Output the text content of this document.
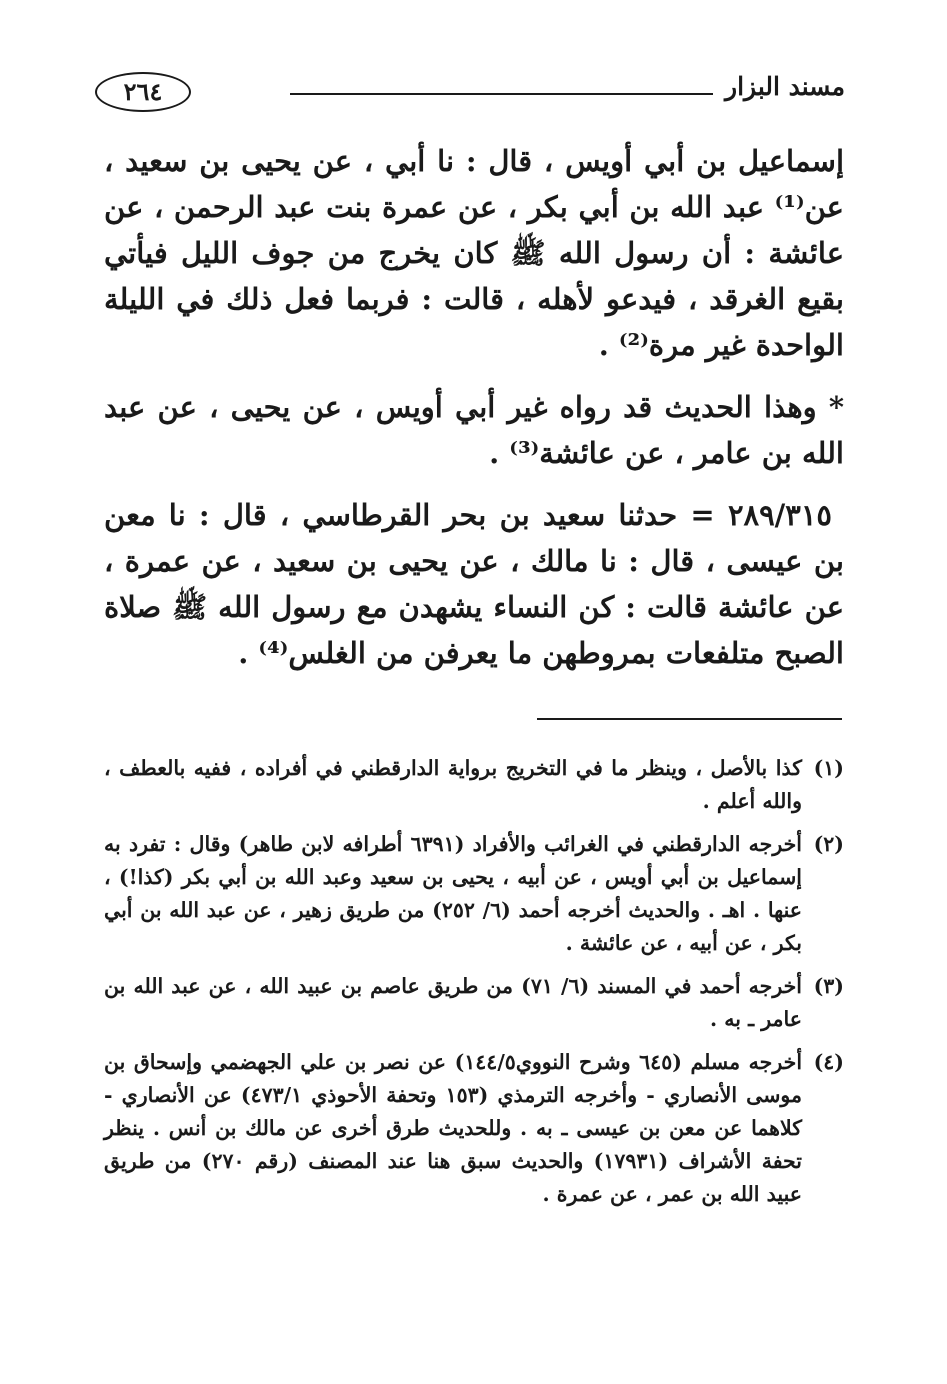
مسند البزار
٢٦٤

إسماعيل بن أبي أويس ، قال : نا أبي ، عن يحيى بن سعيد ، عن⁽¹⁾ عبد الله بن أبي بكر ، عن عمرة بنت عبد الرحمن ، عن عائشة : أن رسول الله ﷺ كان يخرج من جوف الليل فيأتي بقيع الغرقد ، فيدعو لأهله ، قالت : فربما فعل ذلك في الليلة الواحدة غير مرة⁽²⁾ .

* وهذا الحديث قد رواه غير أبي أويس ، عن يحيى ، عن عبد الله بن عامر ، عن عائشة⁽³⁾ .

٢٨٩/٣١٥ = حدثنا سعيد بن بحر القرطاسي ، قال : نا معن بن عيسى ، قال : نا مالك ، عن يحيى بن سعيد ، عن عمرة ، عن عائشة قالت : كن النساء يشهدن مع رسول الله ﷺ صلاة الصبح متلفعات بمروطهن ما يعرفن من الغلس⁽⁴⁾ .

(١)
كذا بالأصل ، وينظر ما في التخريج برواية الدارقطني في أفراده ، ففيه بالعطف ، والله أعلم .
(٢)
أخرجه الدارقطني في الغرائب والأفراد (٦٣٩١ أطرافه لابن طاهر) وقال : تفرد به إسماعيل بن أبي أويس ، عن أبيه ، يحيى بن سعيد وعبد الله بن أبي بكر (كذا!) ، عنها . اهـ . والحديث أخرجه أحمد (٦/ ٢٥٢) من طريق زهير ، عن عبد الله بن أبي بكر ، عن أبيه ، عن عائشة .
(٣)
أخرجه أحمد في المسند (٦/ ٧١) من طريق عاصم بن عبيد الله ، عن عبد الله بن عامر ـ به .
(٤)
أخرجه مسلم (٦٤٥ وشرح النووي١٤٤/٥) عن نصر بن علي الجهضمي وإسحاق بن موسى الأنصاري - وأخرجه الترمذي (١٥٣ وتحفة الأحوذي ٤٧٣/١) عن الأنصاري - كلاهما عن معن بن عيسى ـ به . وللحديث طرق أخرى عن مالك بن أنس . ينظر تحفة الأشراف (١٧٩٣١) والحديث سبق هنا عند المصنف (رقم ٢٧٠) من طريق عبيد الله بن عمر ، عن عمرة .
